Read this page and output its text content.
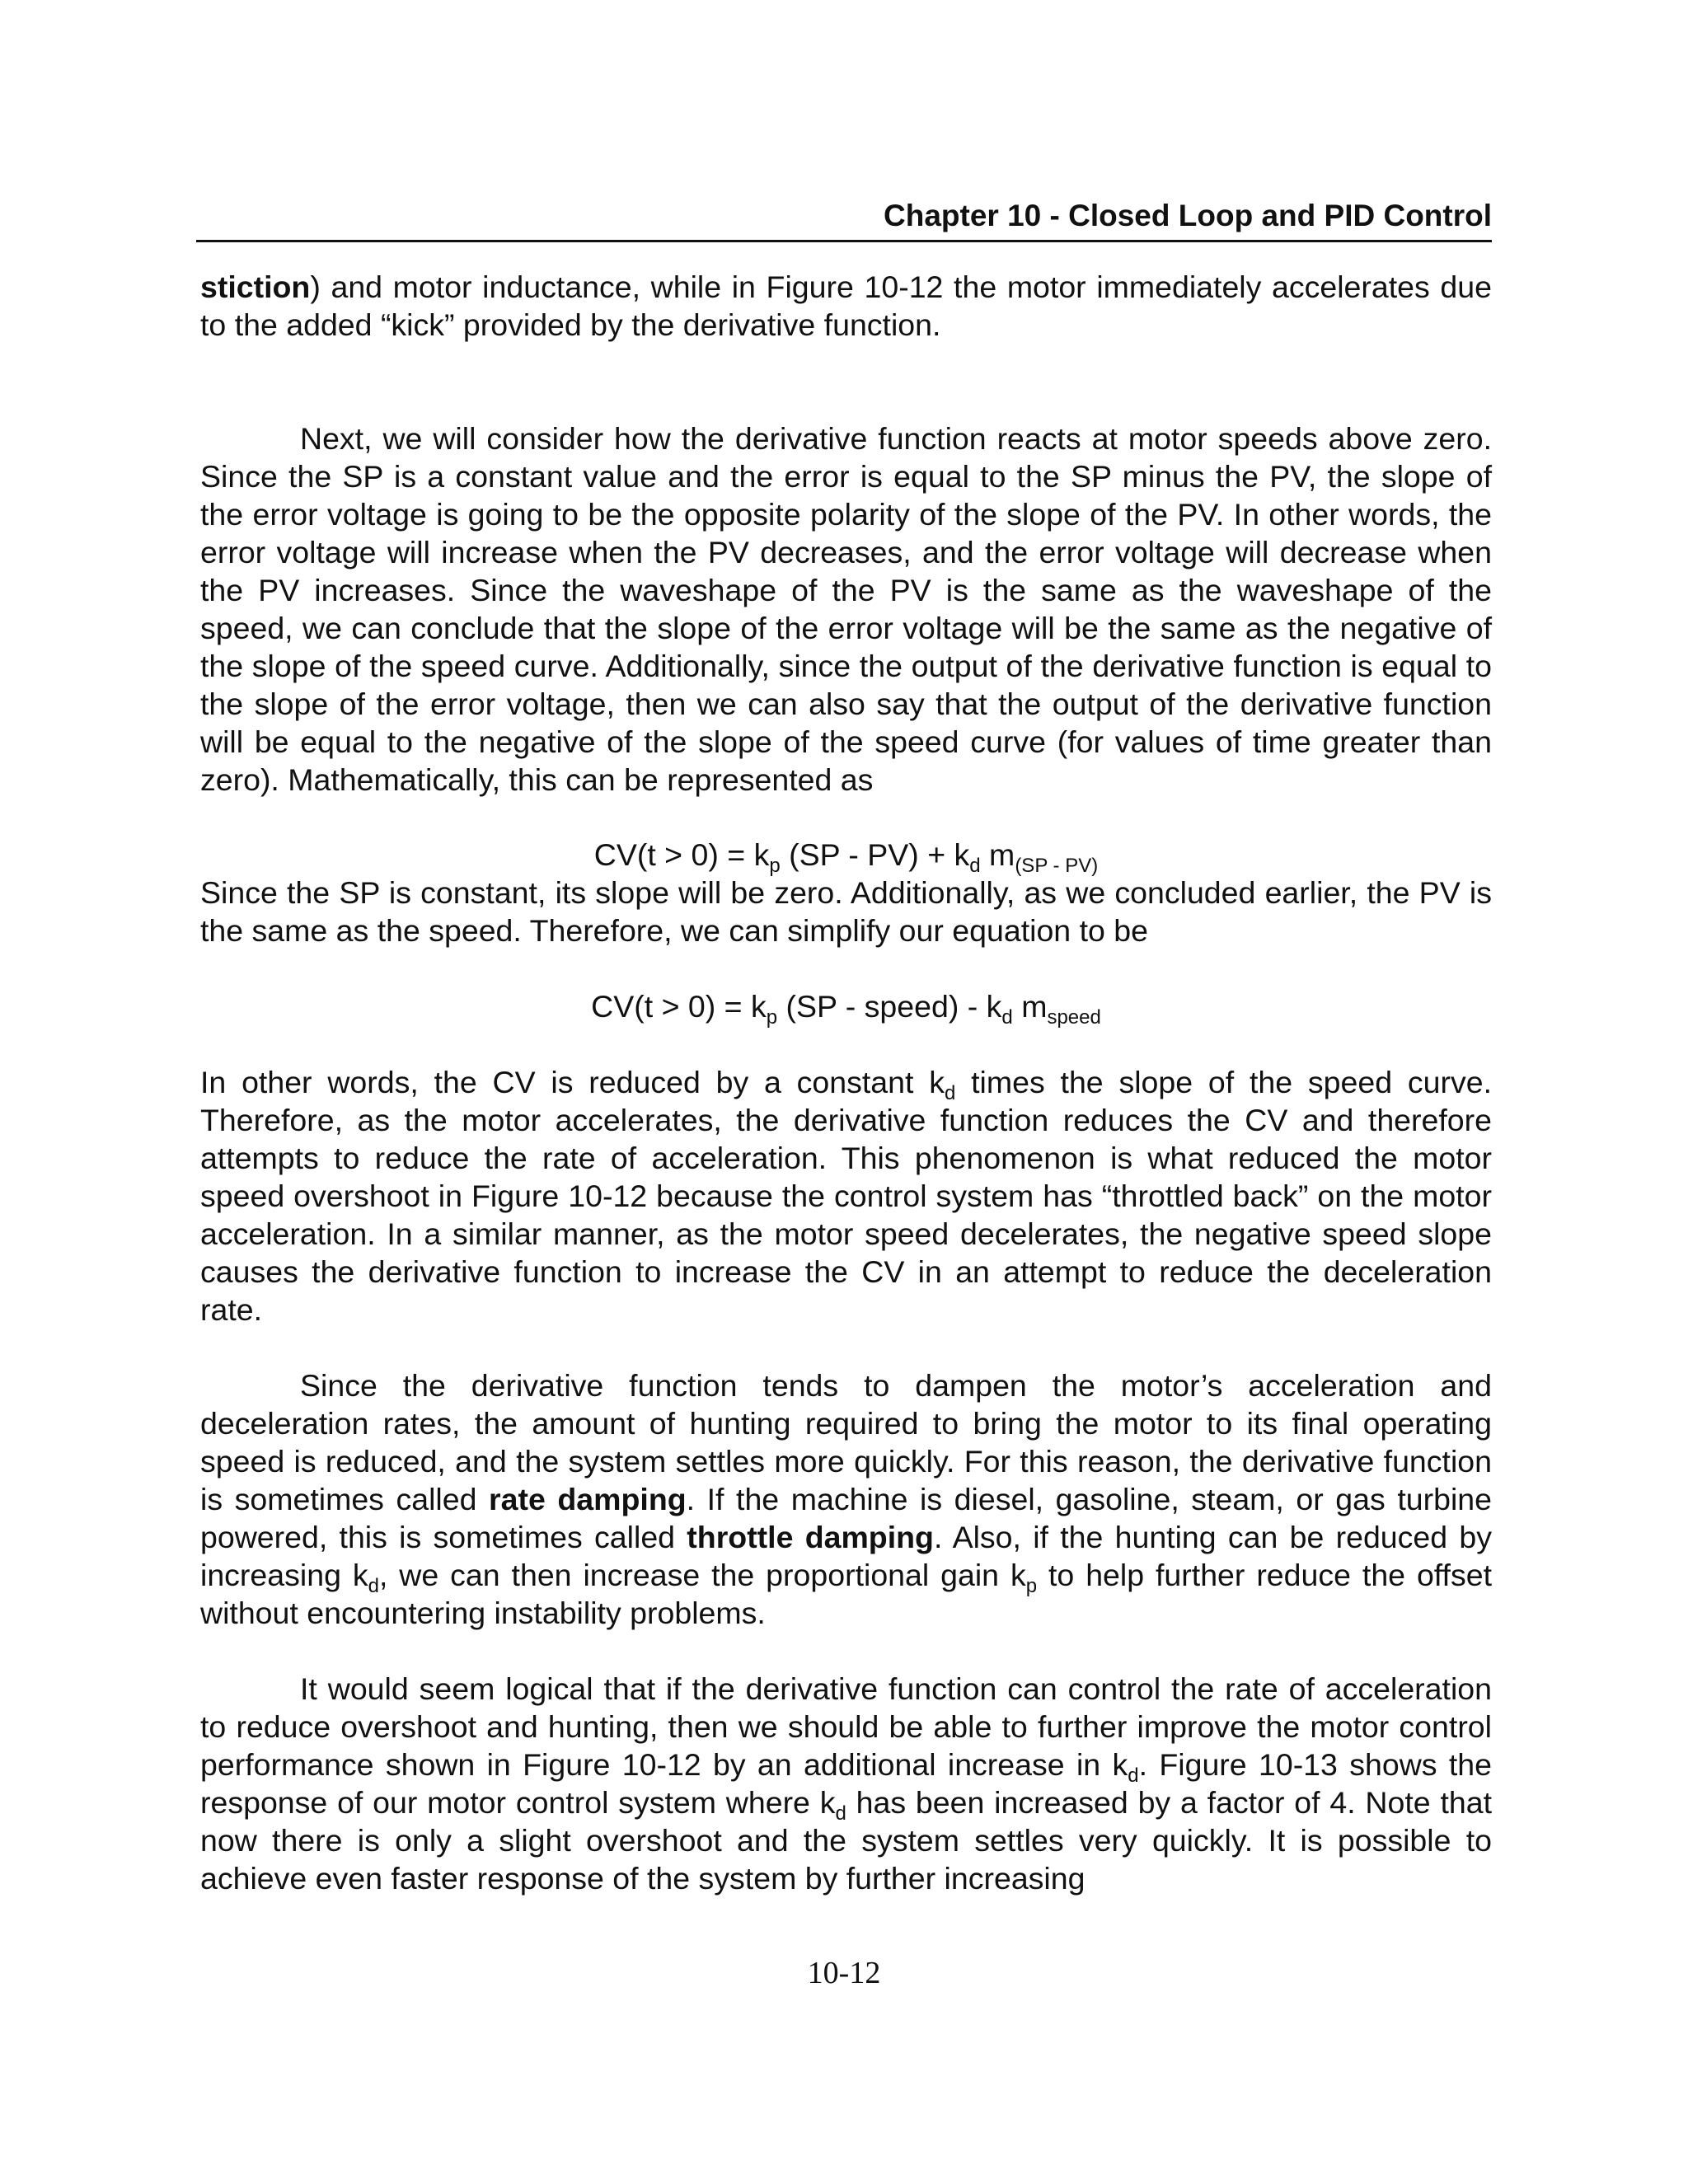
Chapter 10 - Closed Loop and PID Control

stiction) and motor inductance, while in Figure 10-12 the motor immediately accelerates due to the added “kick” provided by the derivative function.

Next, we will consider how the derivative function reacts at motor speeds above zero. Since the SP is a constant value and the error is equal to the SP minus the PV, the slope of the error voltage is going to be the opposite polarity of the slope of the PV. In other words, the error voltage will increase when the PV decreases, and the error voltage will decrease when the PV increases. Since the waveshape of the PV is the same as the waveshape of the speed, we can conclude that the slope of the error voltage will be the same as the negative of the slope of the speed curve. Additionally, since the output of the derivative function is equal to the slope of the error voltage, then we can also say that the output of the derivative function will be equal to the negative of the slope of the speed curve (for values of time greater than zero). Mathematically, this can be represented as

$CV(t > 0) = k_p$ $(SP - PV) + k_d$ $m_{(SP - PV)}$

Since the SP is constant, its slope will be zero. Additionally, as we concluded earlier, the PV is the same as the speed. Therefore, we can simplify our equation to be

$CV(t > 0) = k_p$ (SP - speed) - $k_d$ $m_{speed}$

In other words, the CV is reduced by a constant $k_d$ times the slope of the speed curve. Therefore, as the motor accelerates, the derivative function reduces the CV and therefore attempts to reduce the rate of acceleration. This phenomenon is what reduced the motor speed overshoot in Figure 10-12 because the control system has “throttled back” on the motor acceleration. In a similar manner, as the motor speed decelerates, the negative speed slope causes the derivative function to increase the CV in an attempt to reduce the deceleration rate.

Since the derivative function tends to dampen the motor’s acceleration and deceleration rates, the amount of hunting required to bring the motor to its final operating speed is reduced, and the system settles more quickly. For this reason, the derivative function is sometimes called rate damping. If the machine is diesel, gasoline, steam, or gas turbine powered, this is sometimes called throttle damping. Also, if the hunting can be reduced by increasing $k_d$, we can then increase the proportional gain $k_p$ to help further reduce the offset without encountering instability problems.

It would seem logical that if the derivative function can control the rate of acceleration to reduce overshoot and hunting, then we should be able to further improve the motor control performance shown in Figure 10-12 by an additional increase in $k_d$. Figure 10-13 shows the response of our motor control system where $k_d$ has been increased by a factor of 4. Note that now there is only a slight overshoot and the system settles very quickly. It is possible to achieve even faster response of the system by further increasing

10-12
